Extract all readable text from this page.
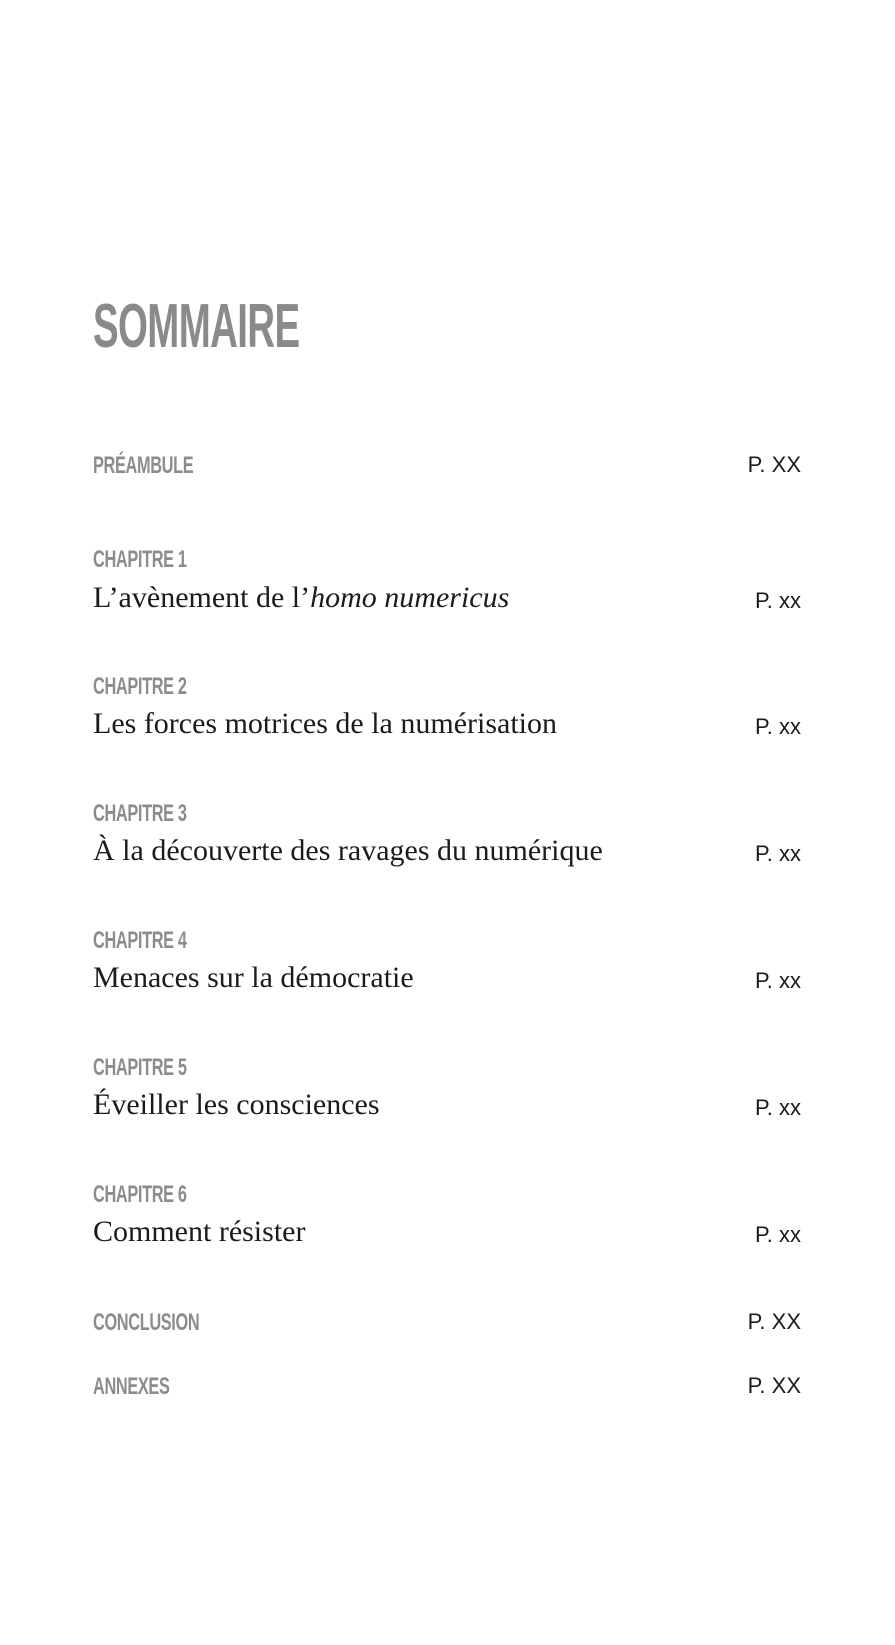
SOMMAIRE
PRÉAMBULE	P. XX
CHAPITRE 1
L’avènement de l’homo numericus	P. xx
CHAPITRE 2
Les forces motrices de la numérisation	P. xx
CHAPITRE 3
À la découverte des ravages du numérique	P. xx
CHAPITRE 4
Menaces sur la démocratie	P. xx
CHAPITRE 5
Éveiller les consciences	P. xx
CHAPITRE 6
Comment résister	P. xx
CONCLUSION	P. XX
ANNEXES	P. XX
